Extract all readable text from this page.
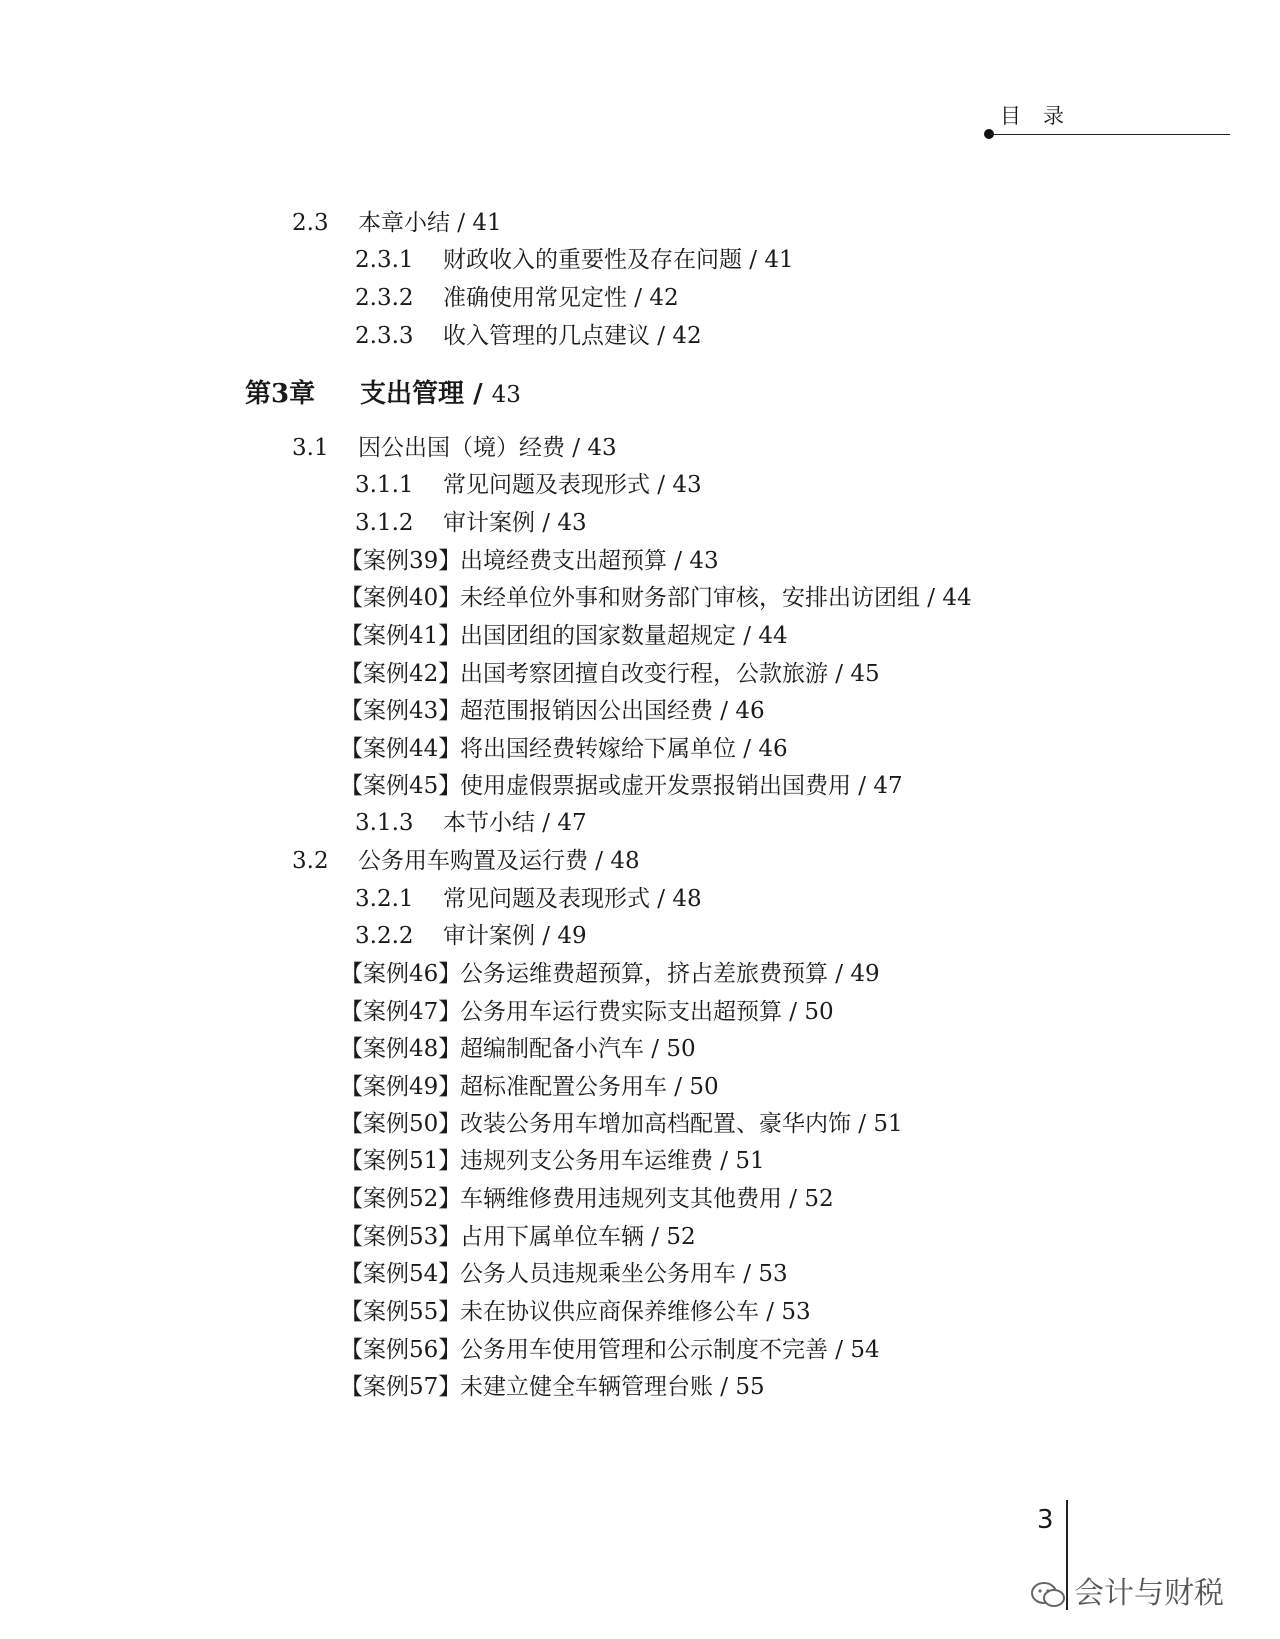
目录
2.3 本章小结 / 41
2.3.1 财政收入的重要性及存在问题 / 41
2.3.2 准确使用常见定性 / 42
2.3.3 收入管理的几点建议 / 42
3.1 因公出国（境）经费 / 43
3.1.1 常见问题及表现形式 / 43
3.1.2 审计案例 / 43
【案例39】出境经费支出超预算 / 43
【案例40】未经单位外事和财务部门审核，安排出访团组 / 44
【案例41】出国团组的国家数量超规定 / 44
【案例42】出国考察团擅自改变行程，公款旅游 / 45
【案例43】超范围报销因公出国经费 / 46
【案例44】将出国经费转嫁给下属单位 / 46
【案例45】使用虚假票据或虚开发票报销出国费用 / 47
3.1.3 本节小结 / 47
3.2 公务用车购置及运行费 / 48
3.2.1 常见问题及表现形式 / 48
3.2.2 审计案例 / 49
【案例46】公务运维费超预算，挤占差旅费预算 / 49
【案例47】公务用车运行费实际支出超预算 / 50
【案例48】超编制配备小汽车 / 50
【案例49】超标准配置公务用车 / 50
【案例50】改装公务用车增加高档配置、豪华内饰 / 51
【案例51】违规列支公务用车运维费 / 51
【案例52】车辆维修费用违规列支其他费用 / 52
【案例53】占用下属单位车辆 / 52
【案例54】公务人员违规乘坐公务用车 / 53
【案例55】未在协议供应商保养维修公车 / 53
【案例56】公务用车使用管理和公示制度不完善 / 54
【案例57】未建立健全车辆管理台账 / 55
第3章 支出管理 / 43
3
会计与财税
